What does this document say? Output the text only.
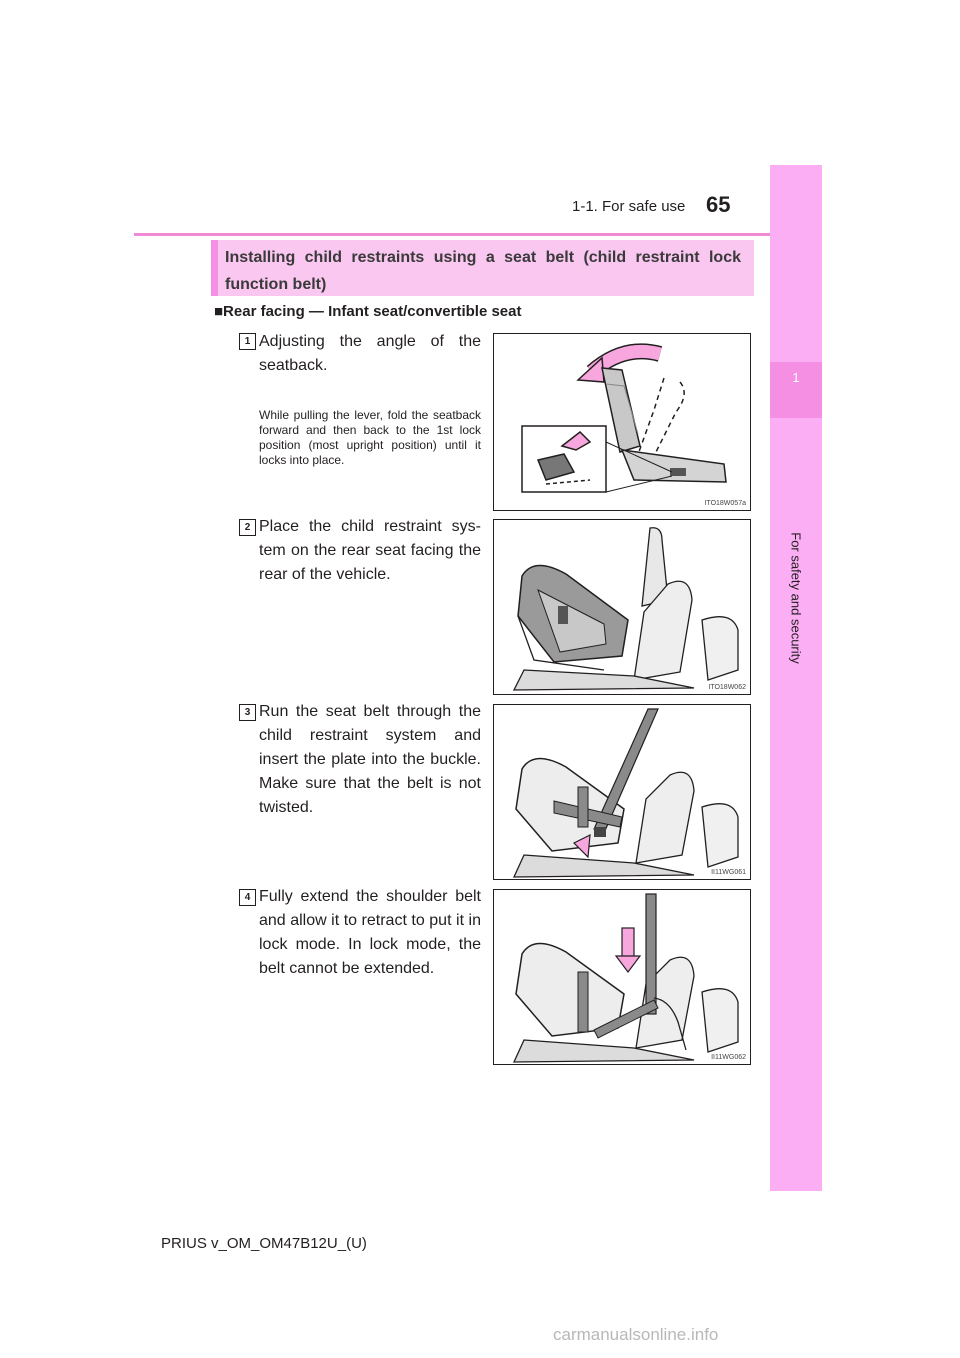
1-1. For safe use 65
1
For safety and security
Installing child restraints using a seat belt (child restraint lock function belt)
■Rear facing — Infant seat/convertible seat
1 Adjusting the angle of the seatback.
While pulling the lever, fold the seatback forward and then back to the 1st lock position (most upright position) until it locks into place.
ITO18W057a
2 Place the child restraint sys-tem on the rear seat facing the rear of the vehicle.
ITO18W062
3 Run the seat belt through the child restraint system and insert the plate into the buckle. Make sure that the belt is not twisted.
II11WG061
4 Fully extend the shoulder belt and allow it to retract to put it in lock mode. In lock mode, the belt cannot be extended.
II11WG062
PRIUS v_OM_OM47B12U_(U)
carmanualsonline.info
